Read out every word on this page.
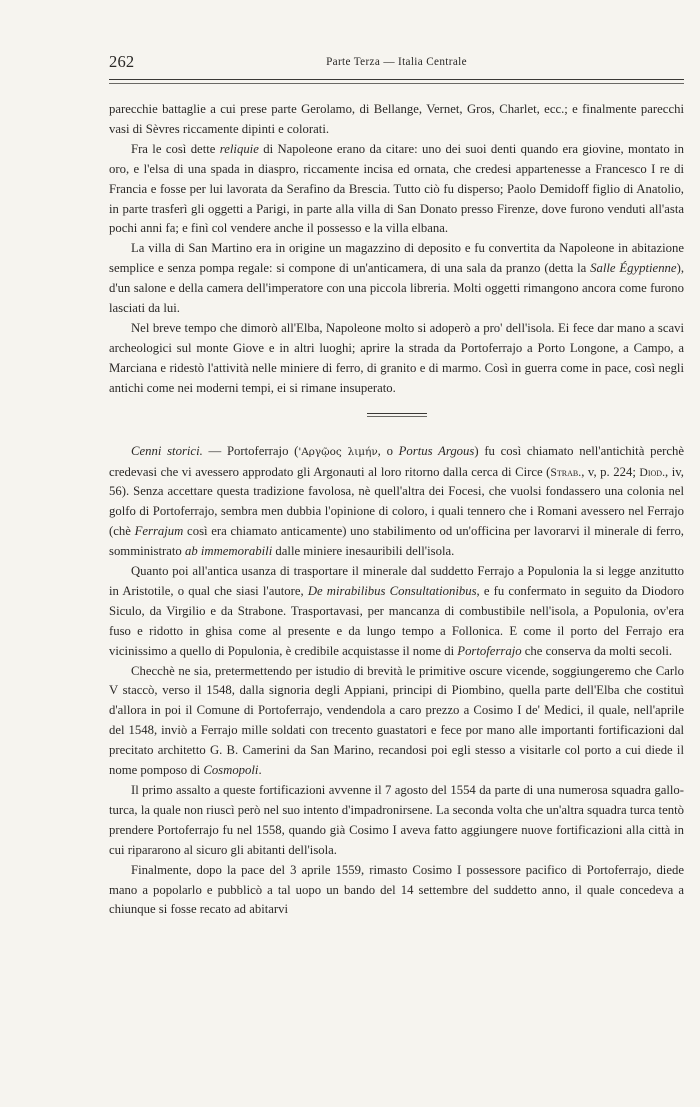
262	Parte Terza — Italia Centrale

parecchie battaglie a cui prese parte Gerolamo, di Bellange, Vernet, Gros, Charlet, ecc.; e finalmente parecchi vasi di Sèvres riccamente dipinti e colorati.

Fra le così dette reliquie di Napoleone erano da citare: uno dei suoi denti quando era giovine, montato in oro, e l'elsa di una spada in diaspro, riccamente incisa ed ornata, che credesi appartenesse a Francesco I re di Francia e fosse per lui lavorata da Serafino da Brescia. Tutto ciò fu disperso; Paolo Demidoff figlio di Anatolio, in parte trasferì gli oggetti a Parigi, in parte alla villa di San Donato presso Firenze, dove furono venduti all'asta pochi anni fa; e finì col vendere anche il possesso e la villa elbana.

La villa di San Martino era in origine un magazzino di deposito e fu convertita da Napoleone in abitazione semplice e senza pompa regale: si compone di un'anticamera, di una sala da pranzo (detta la Salle Égyptienne), d'un salone e della camera dell'imperatore con una piccola libreria. Molti oggetti rimangono ancora come furono lasciati da lui.

Nel breve tempo che dimorò all'Elba, Napoleone molto si adoperò a pro' dell'isola. Ei fece dar mano a scavi archeologici sul monte Giove e in altri luoghi; aprire la strada da Portoferrajo a Porto Longone, a Campo, a Marciana e ridestò l'attività nelle miniere di ferro, di granito e di marmo. Così in guerra come in pace, così negli antichi come nei moderni tempi, ei si rimane insuperato.

Cenni storici. — Portoferrajo ('Αργῷος λιμήν, o Portus Argous) fu così chiamato nell'antichità perchè credevasi che vi avessero approdato gli Argonauti al loro ritorno dalla cerca di Circe (Strab., v, p. 224; Diod., iv, 56). Senza accettare questa tradizione favolosa, nè quell'altra dei Focesi, che vuolsi fondassero una colonia nel golfo di Portoferrajo, sembra men dubbia l'opinione di coloro, i quali tennero che i Romani avessero nel Ferrajo (chè Ferrajum così era chiamato anticamente) uno stabilimento od un'officina per lavorarvi il minerale di ferro, somministrato ab immemorabili dalle miniere inesauribili dell'isola.

Quanto poi all'antica usanza di trasportare il minerale dal suddetto Ferrajo a Populonia la si legge anzitutto in Aristotile, o qual che siasi l'autore, De mirabilibus Consultationibus, e fu confermato in seguito da Diodoro Siculo, da Virgilio e da Strabone. Trasportavasi, per mancanza di combustibile nell'isola, a Populonia, ov'era fuso e ridotto in ghisa come al presente e da lungo tempo a Follonica. E come il porto del Ferrajo era vicinissimo a quello di Populonia, è credibile acquistasse il nome di Portoferrajo che conserva da molti secoli.

Checchè ne sia, pretermettendo per istudio di brevità le primitive oscure vicende, soggiungeremo che Carlo V staccò, verso il 1548, dalla signoria degli Appiani, principi di Piombino, quella parte dell'Elba che costituì d'allora in poi il Comune di Portoferrajo, vendendola a caro prezzo a Cosimo I de' Medici, il quale, nell'aprile del 1548, inviò a Ferrajo mille soldati con trecento guastatori e fece por mano alle importanti fortificazioni dal precitato architetto G. B. Camerini da San Marino, recandosi poi egli stesso a visitarle col porto a cui diede il nome pomposo di Cosmopoli.

Il primo assalto a queste fortificazioni avvenne il 7 agosto del 1554 da parte di una numerosa squadra gallo-turca, la quale non riuscì però nel suo intento d'impadronirsene. La seconda volta che un'altra squadra turca tentò prendere Portoferrajo fu nel 1558, quando già Cosimo I aveva fatto aggiungere nuove fortificazioni alla città in cui ripararono al sicuro gli abitanti dell'isola.

Finalmente, dopo la pace del 3 aprile 1559, rimasto Cosimo I possessore pacifico di Portoferrajo, diede mano a popolarlo e pubblicò a tal uopo un bando del 14 settembre del suddetto anno, il quale concedeva a chiunque si fosse recato ad abitarvi
